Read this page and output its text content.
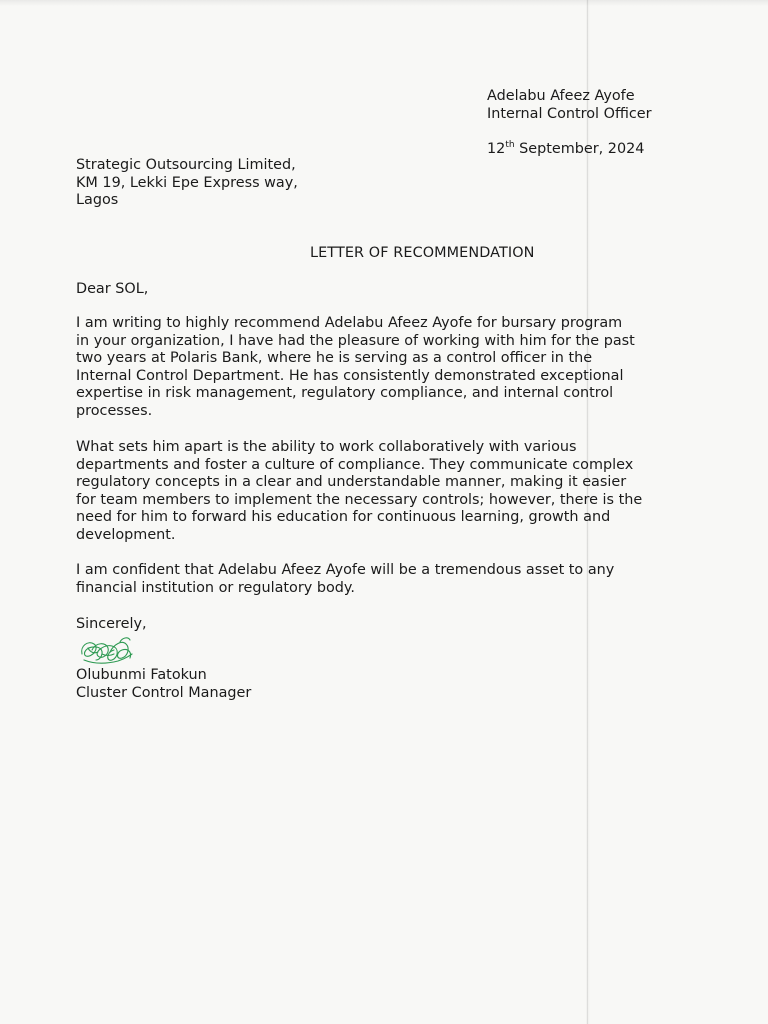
Adelabu Afeez Ayofe
Internal Control Officer
12th September, 2024
Strategic Outsourcing Limited,
KM 19, Lekki Epe Express way,
Lagos
LETTER OF RECOMMENDATION
Dear SOL,
I am writing to highly recommend Adelabu Afeez Ayofe for bursary program
in your organization, I have had the pleasure of working with him for the past
two years at Polaris Bank, where he is serving as a control officer in the
Internal Control Department. He has consistently demonstrated exceptional
expertise in risk management, regulatory compliance, and internal control
processes.
What sets him apart is the ability to work collaboratively with various
departments and foster a culture of compliance. They communicate complex
regulatory concepts in a clear and understandable manner, making it easier
for team members to implement the necessary controls; however, there is the
need for him to forward his education for continuous learning, growth and
development.
I am confident that Adelabu Afeez Ayofe will be a tremendous asset to any
financial institution or regulatory body.
Sincerely,
Olubunmi Fatokun
Cluster Control Manager
